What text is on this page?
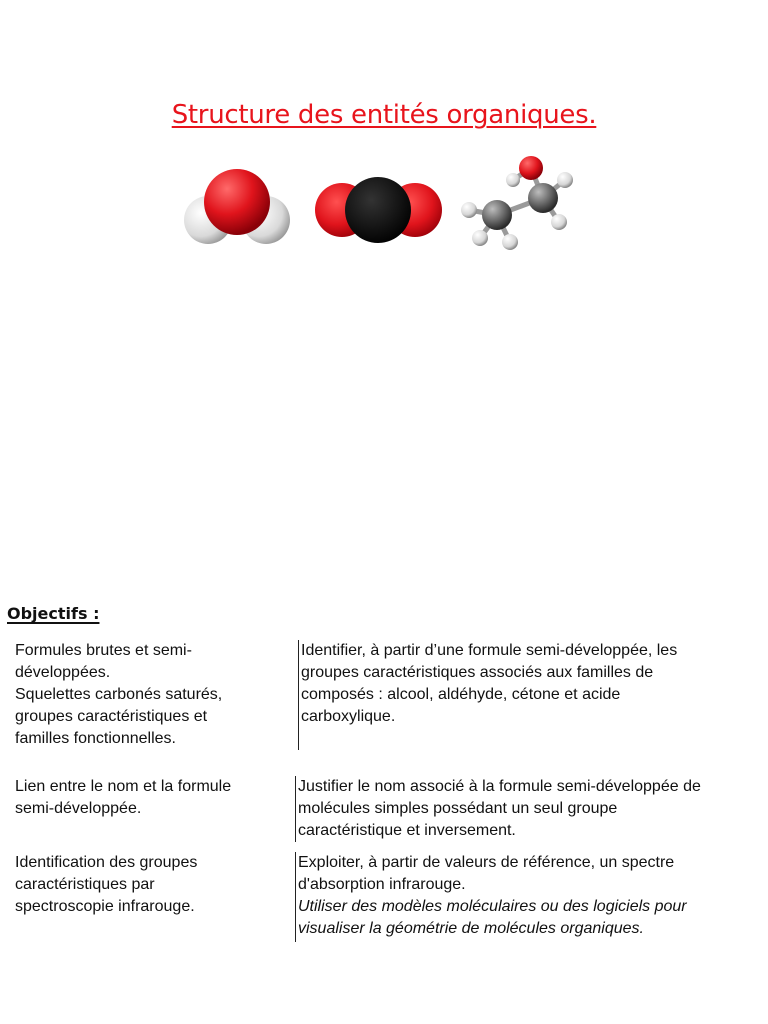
Structure des entités organiques.
Objectifs :
Formules brutes et semi-
développées.
Squelettes carbonés saturés,
groupes caractéristiques et
familles fonctionnelles.
Identifier, à partir d’une formule semi-développée, les
groupes caractéristiques associés aux familles de
composés : alcool, aldéhyde, cétone et acide
carboxylique.
Lien entre le nom et la formule
semi-développée.
Justifier le nom associé à la formule semi-développée de
molécules simples possédant un seul groupe
caractéristique et inversement.
Identification des groupes
caractéristiques par
spectroscopie infrarouge.
Exploiter, à partir de valeurs de référence, un spectre
d'absorption infrarouge.
Utiliser des modèles moléculaires ou des logiciels pour
visualiser la géométrie de molécules organiques.
